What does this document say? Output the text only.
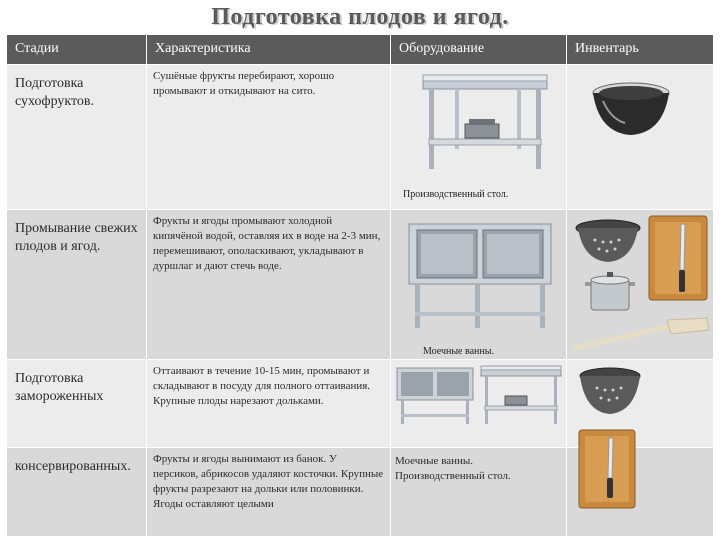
Подготовка плодов и ягод.
Стадии	Характеристика	Оборудование	Инвентарь
Подготовка сухофруктов.	Сушёные фрукты перебирают, хорошо промывают и откидывают на сито.	Производственный стол.

Промывание свежих плодов и ягод.	Фрукты и ягоды промывают холодной кипячёной водой, оставляя их в воде на 2-3 мин, перемешивают, ополаскивают, укладывают в дуршлаг и дают стечь воде.	Моечные ванны.

Подготовка замороженных	Оттаивают в течение 10-15 мин, промывают и складывают в посуду для полного оттаивания. Крупные плоды нарезают дольками.	

консервированных.	Фрукты и ягоды вынимают из банок. У персиков, абрикосов удаляют косточки. Крупные фрукты разрезают на дольки или половинки. Ягоды оставляют целыми	Моечные ванны. Производственный стол.
